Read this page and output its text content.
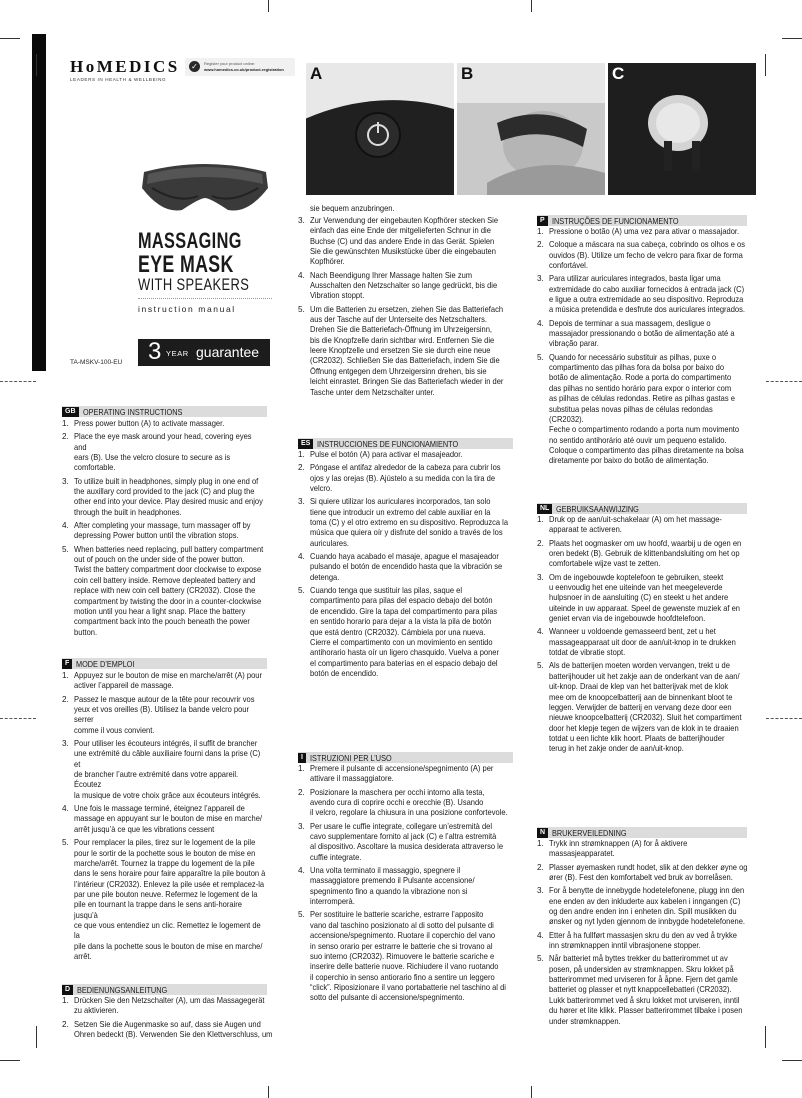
HoMEDICS
LEADERS IN HEALTH & WELLBEING
✓	Register your product online:
www.homedics.co.uk/product-registration
MASSAGING
EYE MASK
WITH SPEAKERS
instruction manual
TA-MSKV-100-EU 3 YEAR guarantee
A	B	C
GB OPERATING INSTRUCTIONS
1. Press power button (A) to activate massager.
2. Place the eye mask around your head, covering eyes and
ears (B). Use the velcro closure to secure as is comfortable.
3. To utilize built in headphones, simply plug in one end of
the auxillary cord provided to the jack (C) and plug the
other end into your device. Play desired music and enjoy
through the built in headphones.
4. After completing your massage, turn massager off by
depressing Power button until the vibration stops.
5. When batteries need replacing, pull battery compartment
out of pouch on the under side of the power button.
Twist the battery compartment door clockwise to expose
coin cell battery inside. Remove depleated battery and
replace with new coin cell battery (CR2032). Close the
compartment by twisting the door in a counter-clockwise
motion until you hear a light snap. Place the battery
compartment back into the pouch beneath the power
button.
F MODE D’EMPLOI
1. Appuyez sur le bouton de mise en marche/arrêt (A) pour
activer l’appareil de massage.
2. Passez le masque autour de la tête pour recouvrir vos
yeux et vos oreilles (B). Utilisez la bande velcro pour serrer
comme il vous convient.
3. Pour utiliser les écouteurs intégrés, il suffit de brancher
une extrémité du câble auxiliaire fourni dans la prise (C) et
de brancher l’autre extrémité dans votre appareil. Écoutez
la musique de votre choix grâce aux écouteurs intégrés.
4. Une fois le massage terminé, éteignez l’appareil de
massage en appuyant sur le bouton de mise en marche/
arrêt jusqu’à ce que les vibrations cessent
5. Pour remplacer la piles, tirez sur le logement de la pile
pour le sortir de la pochette sous le bouton de mise en
marche/arrêt. Tournez la trappe du logement de la pile
dans le sens horaire pour faire apparaître la pile bouton à
l’intérieur (CR2032). Enlevez la pile usée et remplacez-la
par une pile bouton neuve. Refermez le logement de la
pile en tournant la trappe dans le sens anti-horaire jusqu’à
ce que vous entendiez un clic. Remettez le logement de la
pile dans la pochette sous le bouton de mise en marche/
arrêt.
D BEDIENUNGSANLEITUNG
1. Drücken Sie den Netzschalter (A), um das Massagegerät
zu aktivieren.
2. Setzen Sie die Augenmaske so auf, dass sie Augen und
Ohren bedeckt (B). Verwenden Sie den Klettverschluss, um
sie bequem anzubringen.
3. Zur Verwendung der eingebauten Kopfhörer stecken Sie
einfach das eine Ende der mitgelieferten Schnur in die
Buchse (C) und das andere Ende in das Gerät. Spielen
Sie die gewünschten Musikstücke über die eingebauten
Kopfhörer.
4. Nach Beendigung Ihrer Massage halten Sie zum
Ausschalten den Netzschalter so lange gedrückt, bis die
Vibration stoppt.
5. Um die Batterien zu ersetzen, ziehen Sie das Batteriefach
aus der Tasche auf der Unterseite des Netzschalters.
Drehen Sie die Batteriefach-Öffnung im Uhrzeigersinn,
bis die Knopfzelle darin sichtbar wird. Entfernen Sie die
leere Knopfzelle und ersetzen Sie sie durch eine neue
(CR2032). Schließen Sie das Batteriefach, indem Sie die
Öffnung entgegen dem Uhrzeigersinn drehen, bis sie
leicht einrastet. Bringen Sie das Batteriefach wieder in der
Tasche unter dem Netzschalter unter.
ES INSTRUCCIONES DE FUNCIONAMIENTO
1. Pulse el botón (A) para activar el masajeador.
2. Póngase el antifaz alrededor de la cabeza para cubrir los
ojos y las orejas (B). Ajústelo a su medida con la tira de
velcro.
3. Si quiere utilizar los auriculares incorporados, tan solo
tiene que introducir un extremo del cable auxiliar en la
toma (C) y el otro extremo en su dispositivo. Reproduzca la
música que quiera oír y disfrute del sonido a través de los
auriculares.
4. Cuando haya acabado el masaje, apague el masajeador
pulsando el botón de encendido hasta que la vibración se
detenga.
5. Cuando tenga que sustituir las pilas, saque el
compartimento para pilas del espacio debajo del botón
de encendido. Gire la tapa del compartimento para pilas
en sentido horario para dejar a la vista la pila de botón
que está dentro (CR2032). Cámbiela por una nueva.
Cierre el compartimento con un movimiento en sentido
antihorario hasta oír un ligero chasquido. Vuelva a poner
el compartimento para baterías en el espacio debajo del
botón de encendido.
I ISTRUZIONI PER L’USO
1. Premere il pulsante di accensione/spegnimento (A) per
attivare il massaggiatore.
2. Posizionare la maschera per occhi intorno alla testa,
avendo cura di coprire occhi e orecchie (B). Usando
il velcro, regolare la chiusura in una posizione confortevole.
3. Per usare le cuffie integrate, collegare un’estremità del
cavo supplementare fornito al jack (C) e l’altra estremità
al dispositivo. Ascoltare la musica desiderata attraverso le
cuffie integrate.
4. Una volta terminato il massaggio, spegnere il
massaggiatore premendo il Pulsante accensione/
spegnimento fino a quando la vibrazione non si
interromperà.
5. Per sostituire le batterie scariche, estrarre l’apposito
vano dal taschino posizionato al di sotto del pulsante di
accensione/spegnimento. Ruotare il coperchio del vano
in senso orario per estrarre le batterie che si trovano al
suo interno (CR2032). Rimuovere le batterie scariche e
inserire delle batterie nuove. Richiudere il vano ruotando
il coperchio in senso antiorario fino a sentire un leggero
“click”. Riposizionare il vano portabatterie nel taschino al di
sotto del pulsante di accensione/spegnimento.
P INSTRUÇÕES DE FUNCIONAMENTO
1. Pressione o botão (A) uma vez para ativar o massajador.
2. Coloque a máscara na sua cabeça, cobrindo os olhos e os
ouvidos (B). Utilize um fecho de velcro para fixar de forma
confortável.
3. Para utilizar auriculares integrados, basta ligar uma
extremidade do cabo auxiliar fornecidos à entrada jack (C)
e ligue a outra extremidade ao seu dispositivo. Reproduza
a música pretendida e desfrute dos auriculares integrados.
4. Depois de terminar a sua massagem, desligue o
massajador pressionando o botão de alimentação até a
vibração parar.
5. Quando for necessário substituir as pilhas, puxe o
compartimento das pilhas fora da bolsa por baixo do
botão de alimentação. Rode a porta do compartimento
das pilhas no sentido horário para expor o interior com
as pilhas de células redondas. Retire as pilhas gastas e
substitua pelas novas pilhas de células redondas (CR2032).
Feche o compartimento rodando a porta num movimento
no sentido antihorário até ouvir um pequeno estalido.
Coloque o compartimento das pilhas diretamente na bolsa
diretamente por baixo do botão de alimentação.
NL GEBRUIKSAANWIJZING
1. Druk op de aan/uit-schakelaar (A) om het massage-
apparaat te activeren.
2. Plaats het oogmasker om uw hoofd, waarbij u de ogen en
oren bedekt (B). Gebruik de klittenbandsluiting om het op
comfortabele wijze vast te zetten.
3. Om de ingebouwde koptelefoon te gebruiken, steekt
u eenvoudig het ene uiteinde van het meegeleverde
hulpsnoer in de aansluiting (C) en steekt u het andere
uiteinde in uw apparaat. Speel de gewenste muziek af en
geniet ervan via de ingebouwde hoofdtelefoon.
4. Wanneer u voldoende gemasseerd bent, zet u het
massageapparaat uit door de aan/uit-knop in te drukken
totdat de vibratie stopt.
5. Als de batterijen moeten worden vervangen, trekt u de
batterijhouder uit het zakje aan de onderkant van de aan/
uit-knop. Draai de klep van het batterijvak met de klok
mee om de knoopcelbatterij aan de binnenkant bloot te
leggen. Verwijder de batterij en vervang deze door een
nieuwe knoopcelbatterij (CR2032). Sluit het compartiment
door het klepje tegen de wijzers van de klok in te draaien
totdat u een lichte klik hoort. Plaats de batterijhouder
terug in het zakje onder de aan/uit-knop.
N BRUKERVEILEDNING
1. Trykk inn strømknappen (A) for å aktivere
massasjeapparatet.
2. Plasser øyemasken rundt hodet, slik at den dekker øyne og
ører (B). Fest den komfortabelt ved bruk av borrelåsen.
3. For å benytte de innebygde hodetelefonene, plugg inn den
ene enden av den inkluderte aux kabelen i inngangen (C)
og den andre enden inn i enheten din. Spill musikken du
ønsker og nyt lyden gjennom de innbygde hodetelefonene.
4. Etter å ha fullført massasjen skru du den av ved å trykke
inn strømknappen inntil vibrasjonene stopper.
5. Når batteriet må byttes trekker du batterirommet ut av
posen, på undersiden av strømknappen. Skru lokket på
batterirommet med urviseren for å åpne. Fjern det gamle
batteriet og plasser et nytt knappcellebatteri (CR2032).
Lukk batterirommet ved å skru lokket mot urviseren, inntil
du hører et lite klikk. Plasser batterirommet tilbake i posen
under strømknappen.
